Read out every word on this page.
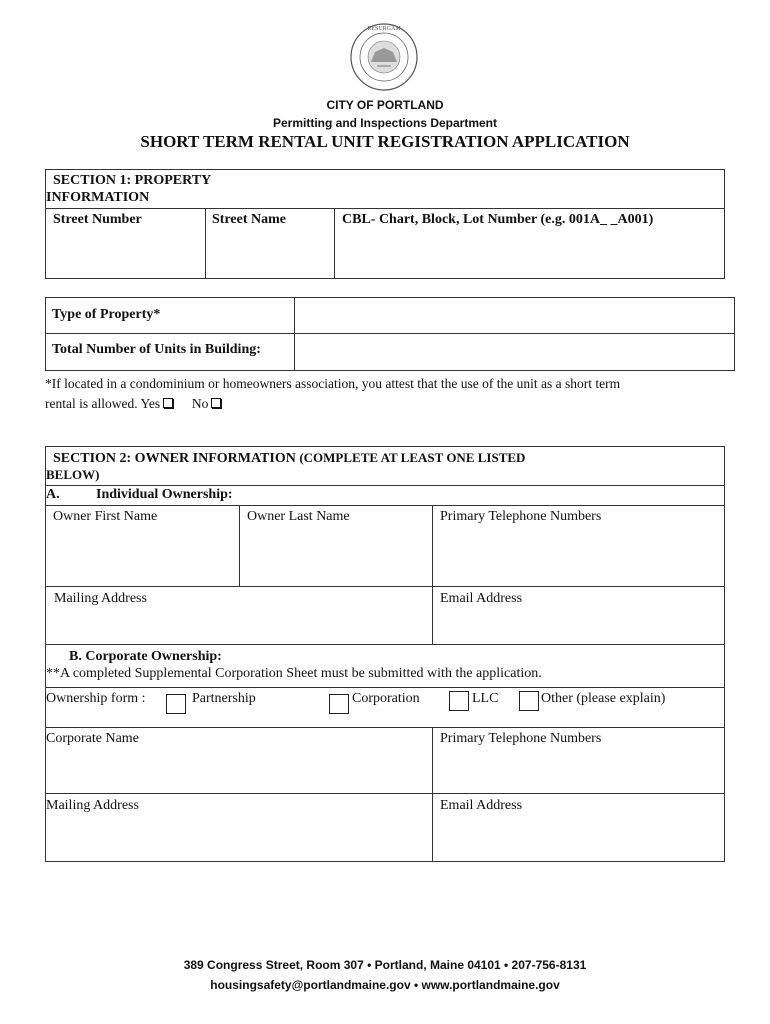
RESURGAM
CITY OF PORTLAND
Permitting and Inspections Department
SHORT TERM RENTAL UNIT REGISTRATION APPLICATION
SECTION 1: PROPERTY
INFORMATION
Street Number	Street Name	CBL- Chart, Block, Lot Number (e.g. 001A_ _A001)
Type of Property*
Total Number of Units in Building:
*If located in a condominium or homeowners association, you attest that the use of the unit as a short term
rental is allowed. Yes No
SECTION 2: OWNER INFORMATION (COMPLETE AT LEAST ONE LISTED
BELOW)
A.	Individual Ownership:
Owner First Name	Owner Last Name	Primary Telephone Numbers
Mailing Address	Email Address
B. Corporate Ownership:
**A completed Supplemental Corporation Sheet must be submitted with the application.
Ownership form :	Partnership	Corporation	LLC	Other (please explain)
Corporate Name	Primary Telephone Numbers
Mailing Address	Email Address
389 Congress Street, Room 307 • Portland, Maine 04101 • 207-756-8131
housingsafety@portlandmaine.gov • www.portlandmaine.gov
